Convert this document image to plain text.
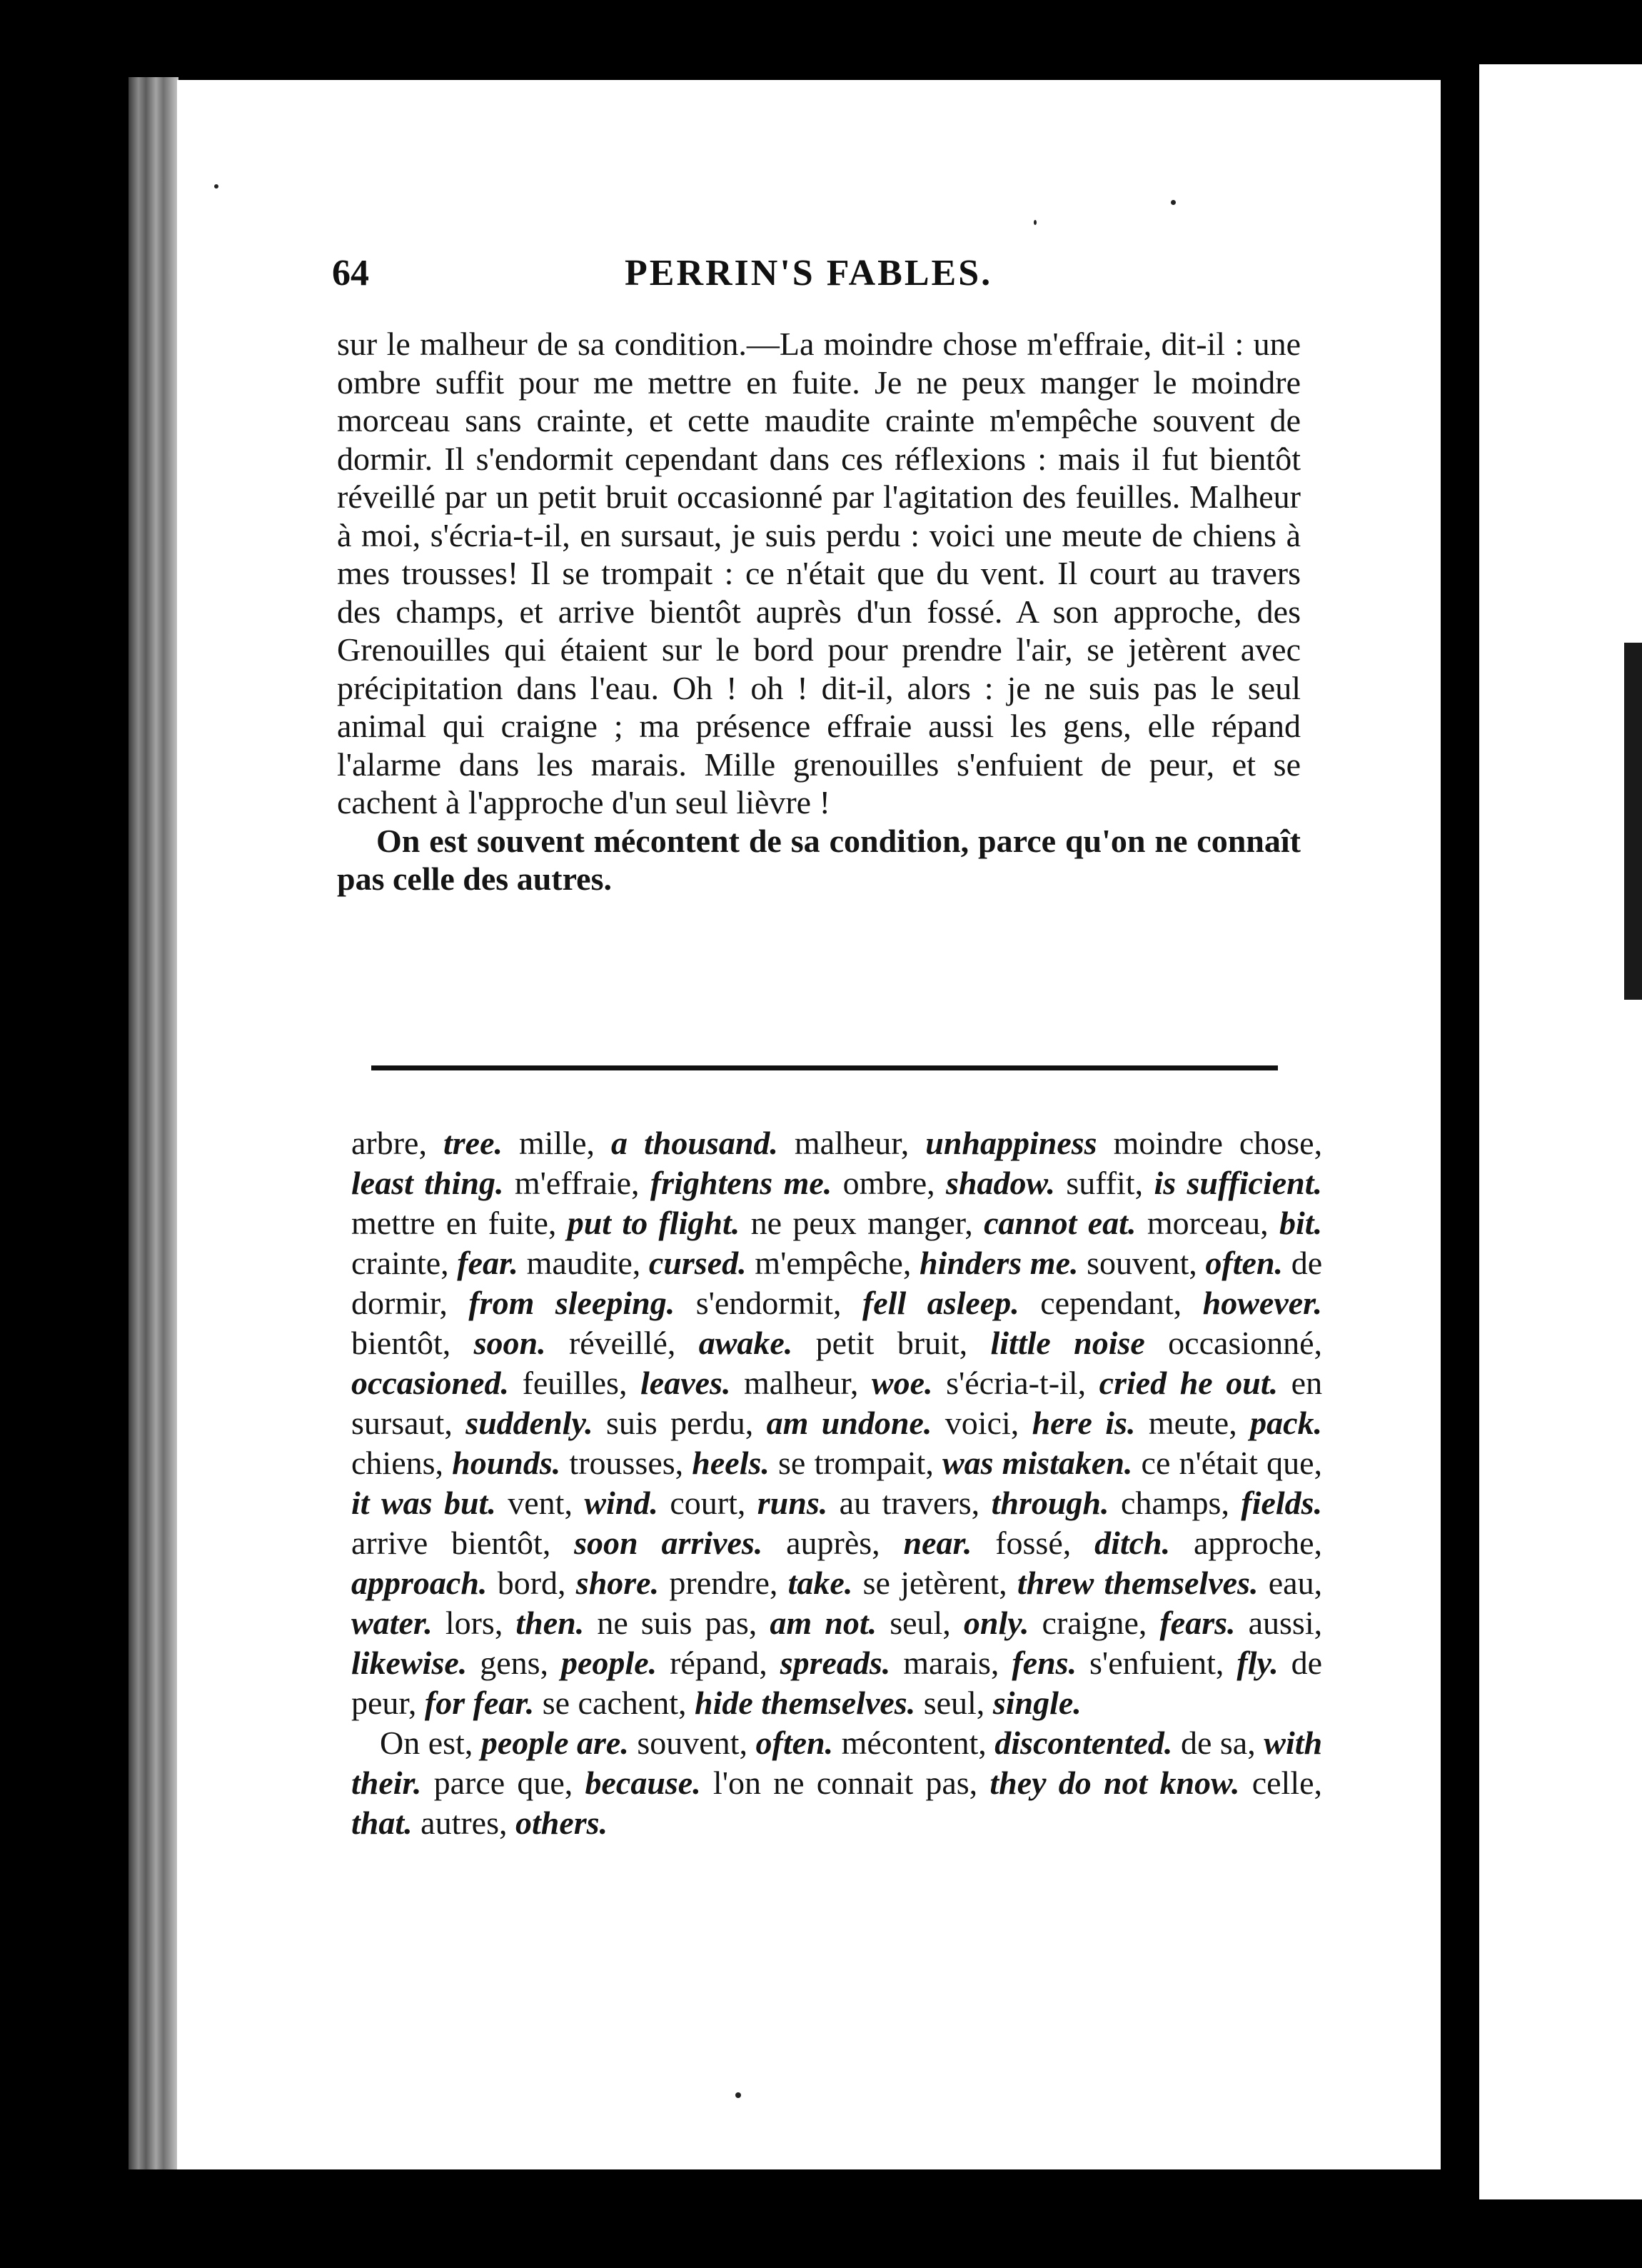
64	PERRIN'S FABLES.

sur le malheur de sa condition.—La moindre chose m'effraie, dit-il : une ombre suffit pour me mettre en fuite. Je ne peux manger le moindre morceau sans crainte, et cette maudite crainte m'empêche souvent de dormir. Il s'endormit cependant dans ces réflexions : mais il fut bientôt réveillé par un petit bruit occasionné par l'agitation des feuilles. Malheur à moi, s'écria-t-il, en sursaut, je suis perdu : voici une meute de chiens à mes trousses! Il se trompait : ce n'était que du vent. Il court au travers des champs, et arrive bientôt auprès d'un fossé. A son approche, des Grenouilles qui étaient sur le bord pour prendre l'air, se jetèrent avec précipitation dans l'eau. Oh ! oh ! dit-il, alors : je ne suis pas le seul animal qui craigne ; ma présence effraie aussi les gens, elle répand l'alarme dans les marais. Mille grenouilles s'enfuient de peur, et se cachent à l'approche d'un seul lièvre !

On est souvent mécontent de sa condition, parce qu'on ne connaît pas celle des autres.

arbre, tree. mille, a thousand. malheur, unhappiness moindre chose, least thing. m'effraie, frightens me. ombre, shadow. suffit, is sufficient. mettre en fuite, put to flight. ne peux manger, cannot eat. morceau, bit. crainte, fear. maudite, cursed. m'empêche, hinders me. souvent, often. de dormir, from sleeping. s'endormit, fell asleep. cependant, however. bientôt, soon. réveillé, awake. petit bruit, little noise occasionné, occasioned. feuilles, leaves. malheur, woe. s'écria-t-il, cried he out. en sursaut, suddenly. suis perdu, am undone. voici, here is. meute, pack. chiens, hounds. trousses, heels. se trompait, was mistaken. ce n'était que, it was but. vent, wind. court, runs. au travers, through. champs, fields. arrive bientôt, soon arrives. auprès, near. fossé, ditch. approche, approach. bord, shore. prendre, take. se jetèrent, threw themselves. eau, water. lors, then. ne suis pas, am not. seul, only. craigne, fears. aussi, likewise. gens, people. répand, spreads. marais, fens. s'enfuient, fly. de peur, for fear. se cachent, hide themselves. seul, single.

On est, people are. souvent, often. mécontent, discontented. de sa, with their. parce que, because. l'on ne connait pas, they do not know. celle, that. autres, others.
